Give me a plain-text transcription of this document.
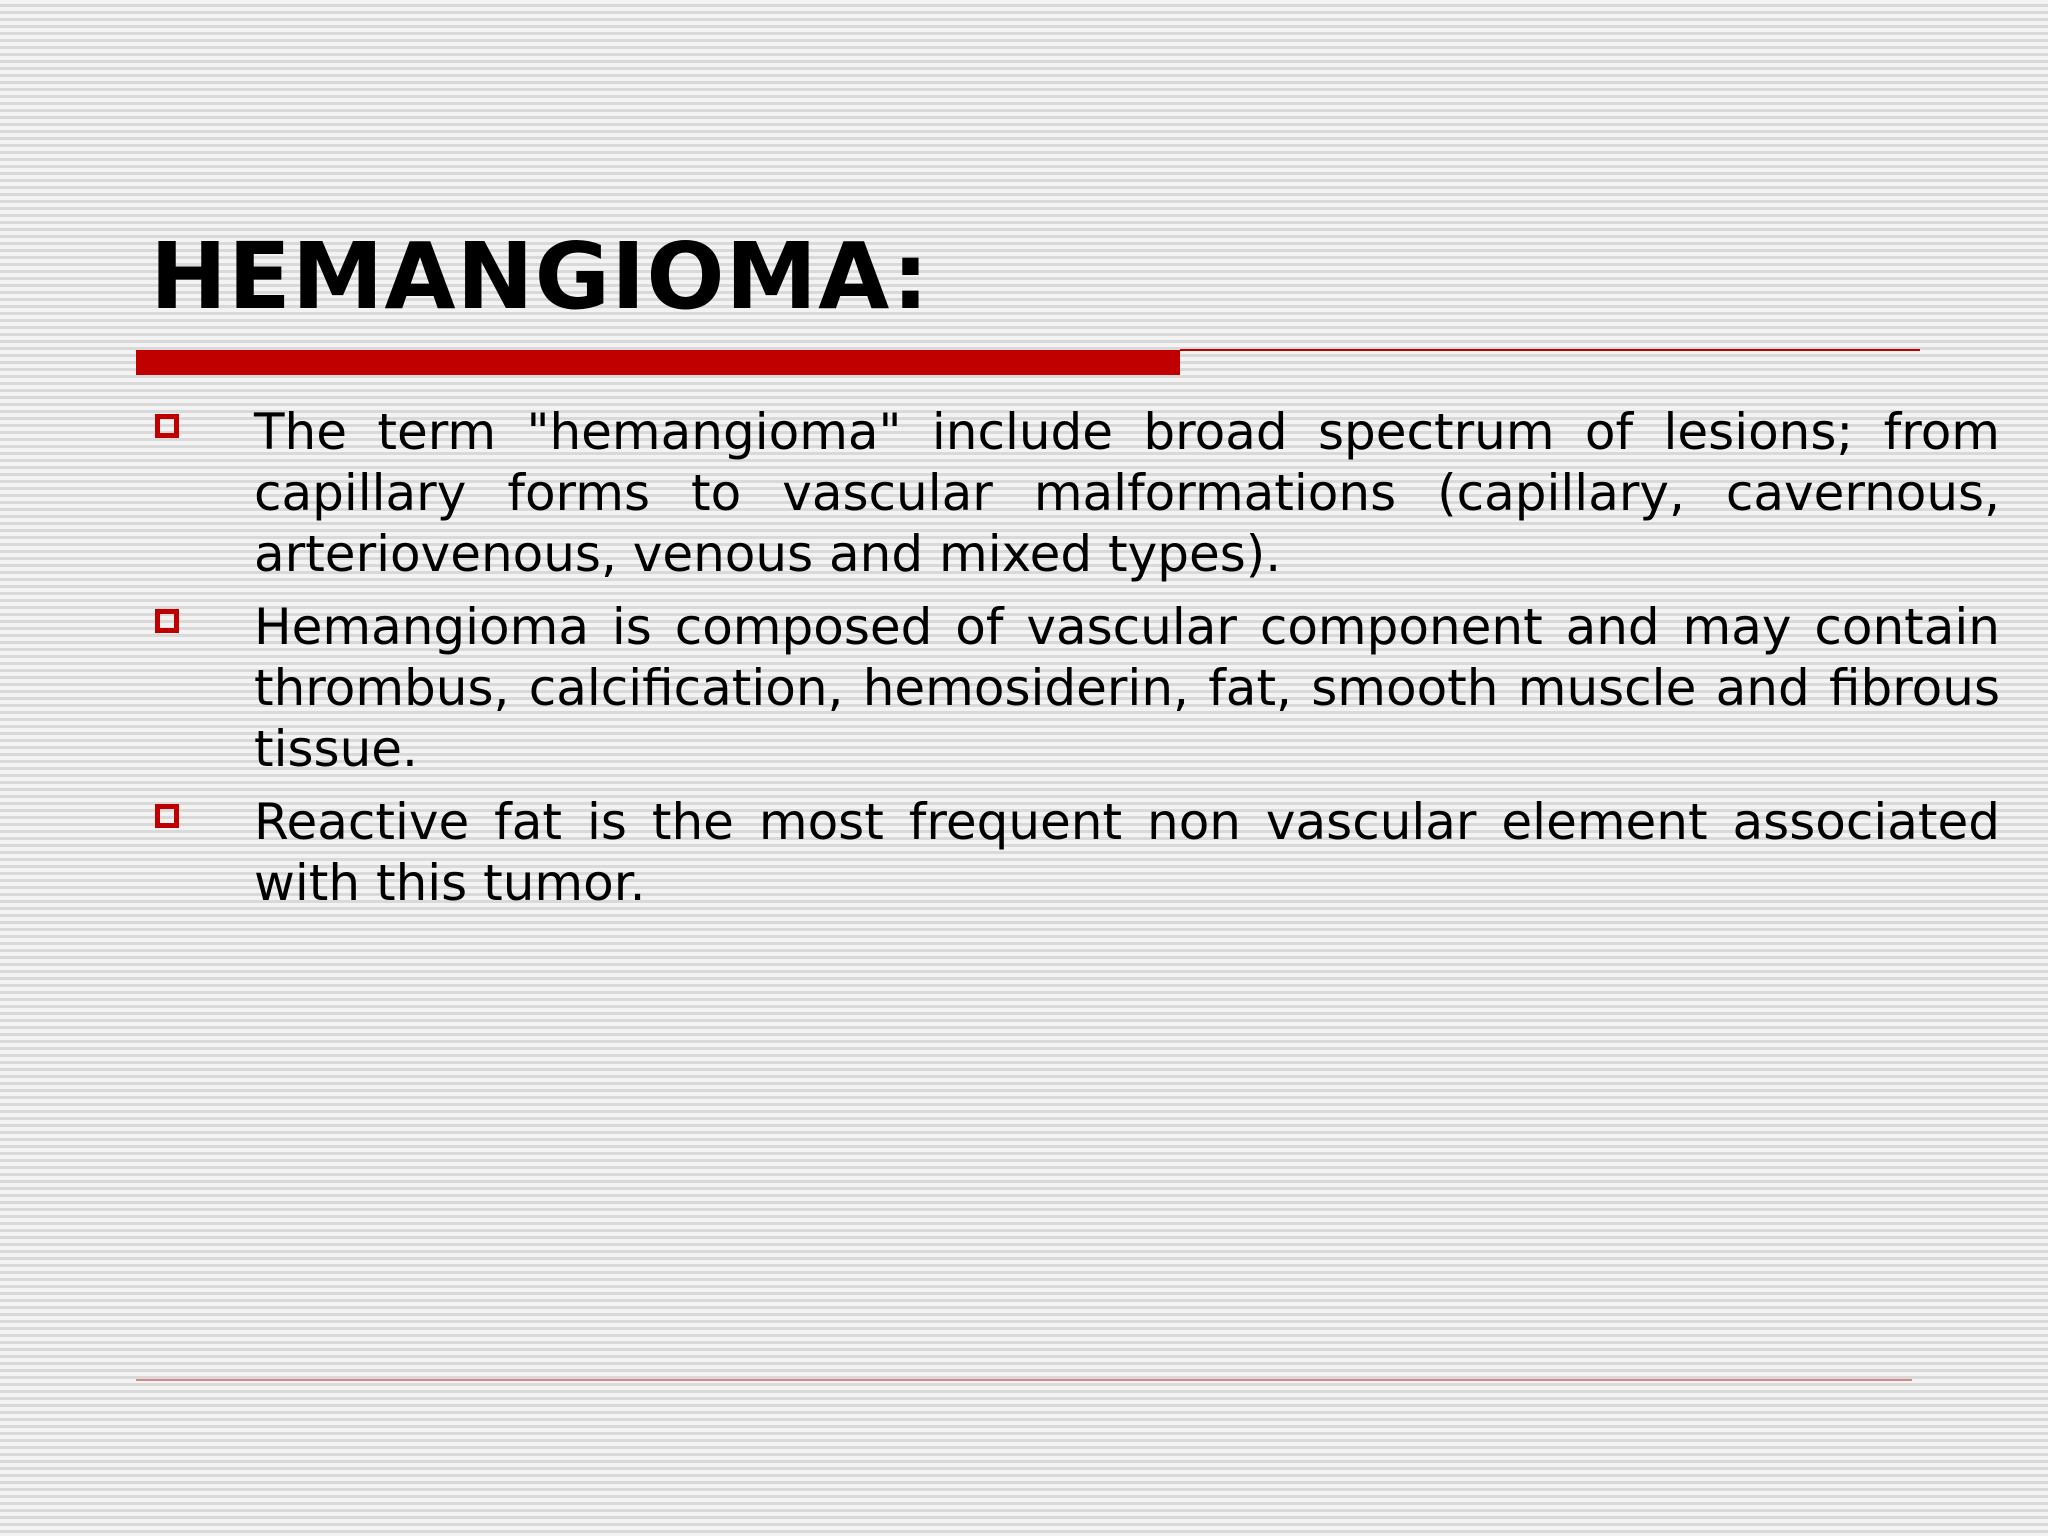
HEMANGIOMA:
The term "hemangioma" include broad spectrum of lesions; from capillary forms to vascular malformations (capillary, cavernous, arteriovenous, venous and mixed types).
Hemangioma is composed of vascular component and may contain thrombus, calcification, hemosiderin, fat, smooth muscle and fibrous tissue.
Reactive fat is the most frequent non vascular element associated with this tumor.
